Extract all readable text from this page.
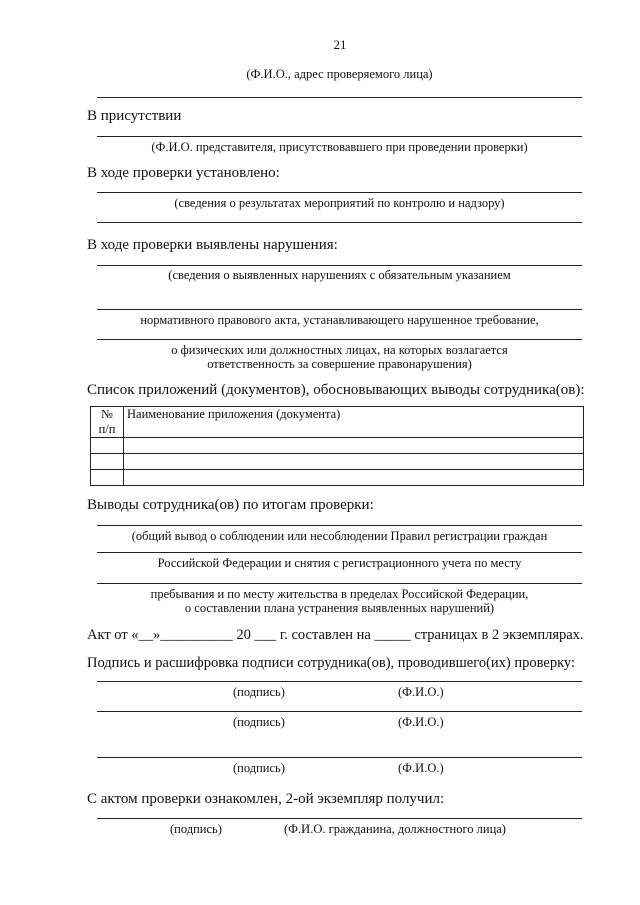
21
(Ф.И.О., адрес проверяемого лица)
В присутствии
(Ф.И.О. представителя, присутствовавшего при проведении проверки)
В ходе проверки установлено:
(сведения о результатах мероприятий по контролю и надзору)
В ходе проверки выявлены нарушения:
(сведения о выявленных нарушениях с обязательным указанием
нормативного правового акта, устанавливающего нарушенное требование,
о физических или должностных лицах, на которых возлагается
ответственность за совершение правонарушения)
Список приложений (документов), обосновывающих выводы сотрудника(ов):
№
п/п	Наименование приложения (документа)

Выводы сотрудника(ов) по итогам проверки:
(общий вывод о соблюдении или несоблюдении Правил регистрации граждан
Российской Федерации и снятия с регистрационного учета по месту
пребывания и по месту жительства в пределах Российской Федерации,
о составлении плана устранения выявленных нарушений)
Акт от «__»__________ 20 ___ г. составлен на _____ страницах в 2 экземплярах.
Подпись и расшифровка подписи сотрудника(ов), проводившего(их) проверку:
(подпись)	(Ф.И.О.)
(подпись)	(Ф.И.О.)
(подпись)	(Ф.И.О.)
С актом проверки ознакомлен, 2-ой экземпляр получил:
(подпись)	(Ф.И.О. гражданина, должностного лица)
